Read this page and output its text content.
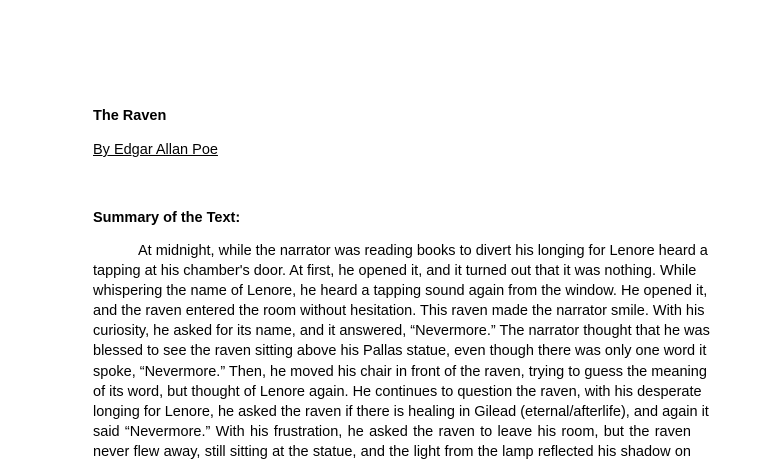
The Raven
By Edgar Allan Poe
Summary of the Text:
At midnight, while the narrator was reading books to divert his longing for Lenore heard a
tapping at his chamber's door. At first, he opened it, and it turned out that it was nothing. While
whispering the name of Lenore, he heard a tapping sound again from the window. He opened it,
and the raven entered the room without hesitation. This raven made the narrator smile. With his
curiosity, he asked for its name, and it answered, “Nevermore.” The narrator thought that he was
blessed to see the raven sitting above his Pallas statue, even though there was only one word it
spoke, “Nevermore.” Then, he moved his chair in front of the raven, trying to guess the meaning
of its word, but thought of Lenore again. He continues to question the raven, with his desperate
longing for Lenore, he asked the raven if there is healing in Gilead (eternal/afterlife), and again it
said “Nevermore.” With his frustration, he asked the raven to leave his room, but the raven
never flew away, still sitting at the statue, and the light from the lamp reflected his shadow on
